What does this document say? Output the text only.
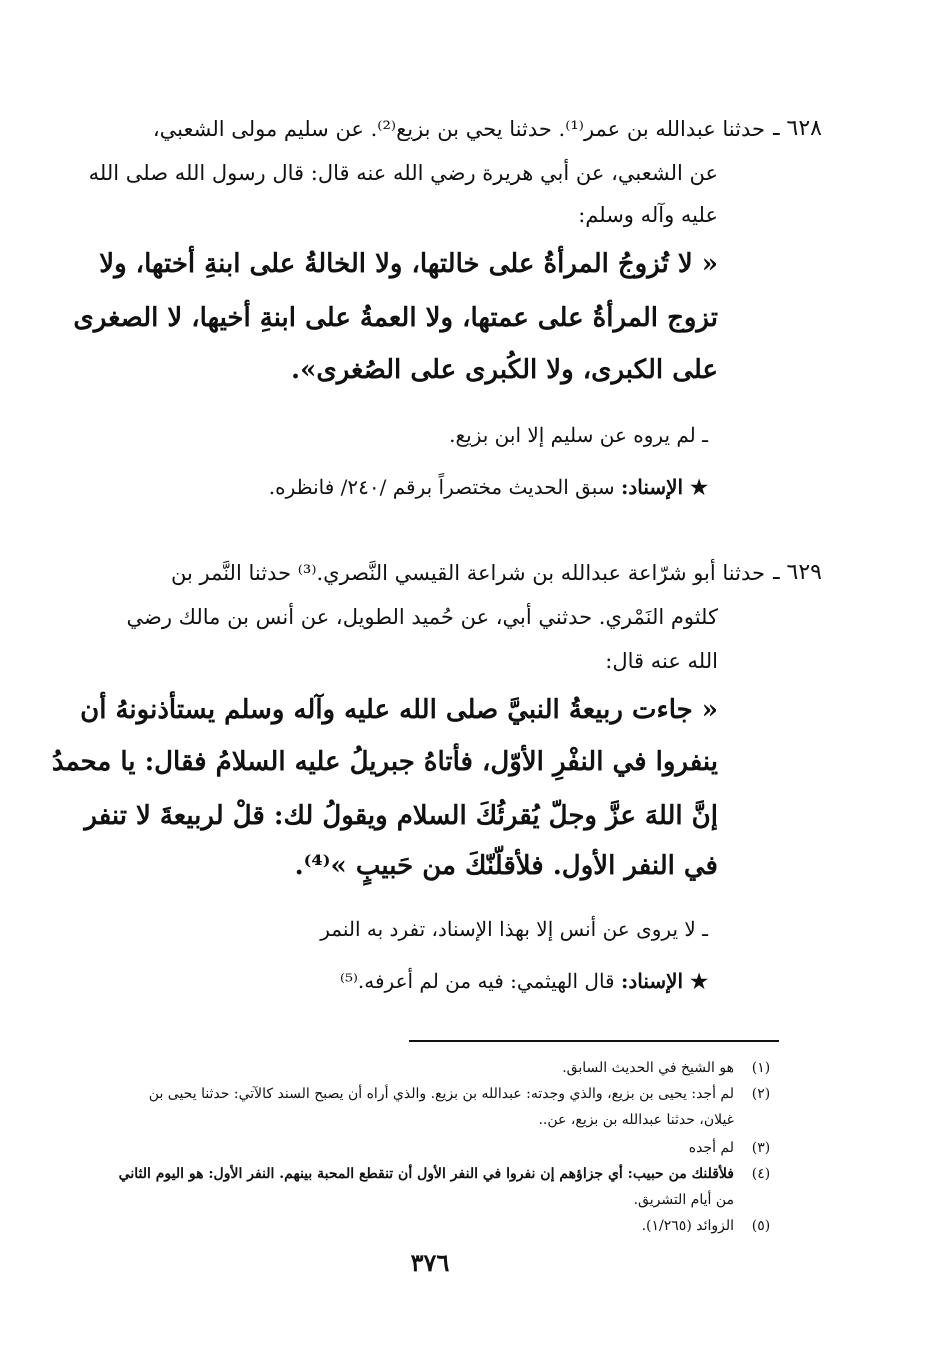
٦٢٨ ـ
حدثنا عبدالله بن عمر⁽¹⁾. حدثنا يحي بن بزيع⁽²⁾. عن سليم مولى الشعبي،
عن الشعبي، عن أبي هريرة رضي الله عنه قال: قال رسول الله صلى الله
عليه وآله وسلم:
« لا تُزوجُ المرأةُ على خالتها، ولا الخالةُ على ابنةِ أختها، ولا
تزوج المرأةُ على عمتها، ولا العمةُ على ابنةِ أخيها، لا الصغرى
على الكبرى، ولا الكُبرى على الصُغرى».
ـ لم يروه عن سليم إلا ابن بزيع.
★ الإسناد: سبق الحديث مختصراً برقم /٢٤٠/ فانظره.
٦٢٩ ـ
حدثنا أبو شرّاعة عبدالله بن شراعة القيسي النَّصري.⁽³⁾ حدثنا النَّمر بن
كلثوم النَمْري. حدثني أبي، عن حُميد الطويل، عن أنس بن مالك رضي
الله عنه قال:
« جاءت ربيعةُ النبيَّ صلى الله عليه وآله وسلم يستأذنونهُ أن
ينفروا في النفْرِ الأوّل، فأتاهُ جبريلُ عليه السلامُ فقال: يا محمدُ
إنَّ اللهَ عزَّ وجلّ يُقرئُكَ السلام ويقولُ لك: قلْ لربيعةَ لا تنفر
في النفر الأول. فلأقلّنّكَ من حَبيبٍ »⁽⁴⁾.
ـ لا يروى عن أنس إلا بهذا الإسناد، تفرد به النمر
★ الإسناد: قال الهيثمي: فيه من لم أعرفه.⁽⁵⁾
(١)
هو الشيخ في الحديث السابق.
(٢)
لم أجد: يحيى بن بزيع، والذي وجدته: عبدالله بن بزيع. والذي أراه أن يصبح السند كالآتي: حدثنا يحيى بن
غيلان، حدثنا عبدالله بن بزيع، عن..
(٣)
لم أجده
(٤)
فلأقلنك من حبيب: أي جزاؤهم إن نفروا في النفر الأول أن تنقطع المحبة بينهم. النفر الأول: هو اليوم الثاني
من أيام التشريق.
(٥)
الزوائد (١/٢٦٥).
٣٧٦
